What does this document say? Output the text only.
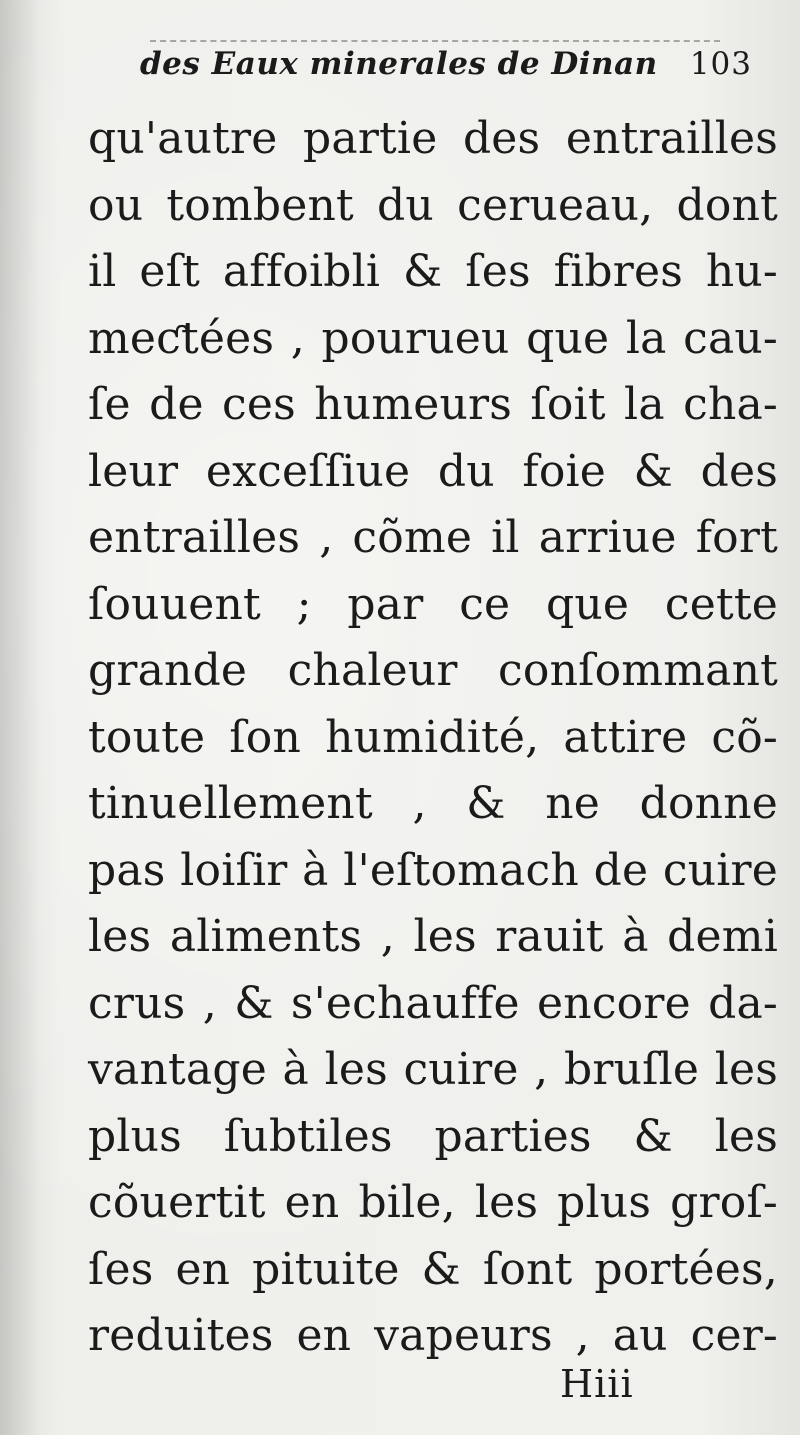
des Eaux minerales de Dinan 103
qu'autre partie des entrailles
ou tombent du cerueau, dont
il eſt affoibli & ſes fibres hu-
meƈtées , pourueu que la cau-
ſe de ces humeurs ſoit la cha-
leur exceſſiue du foie & des
entrailles , cõme il arriue fort
ſouuent ; par ce que cette
grande chaleur conſommant
toute ſon humidité, attire cõ-
tinuellement , & ne donne
pas loiſir à l'eſtomach de cuire
les aliments , les rauit à demi
crus , & s'echauffe encore da-
vantage à les cuire , bruſle les
plus ſubtiles parties & les
cõuertit en bile, les plus groſ-
ſes en pituite & ſont portées,
reduites en vapeurs , au cer-
Hiii
